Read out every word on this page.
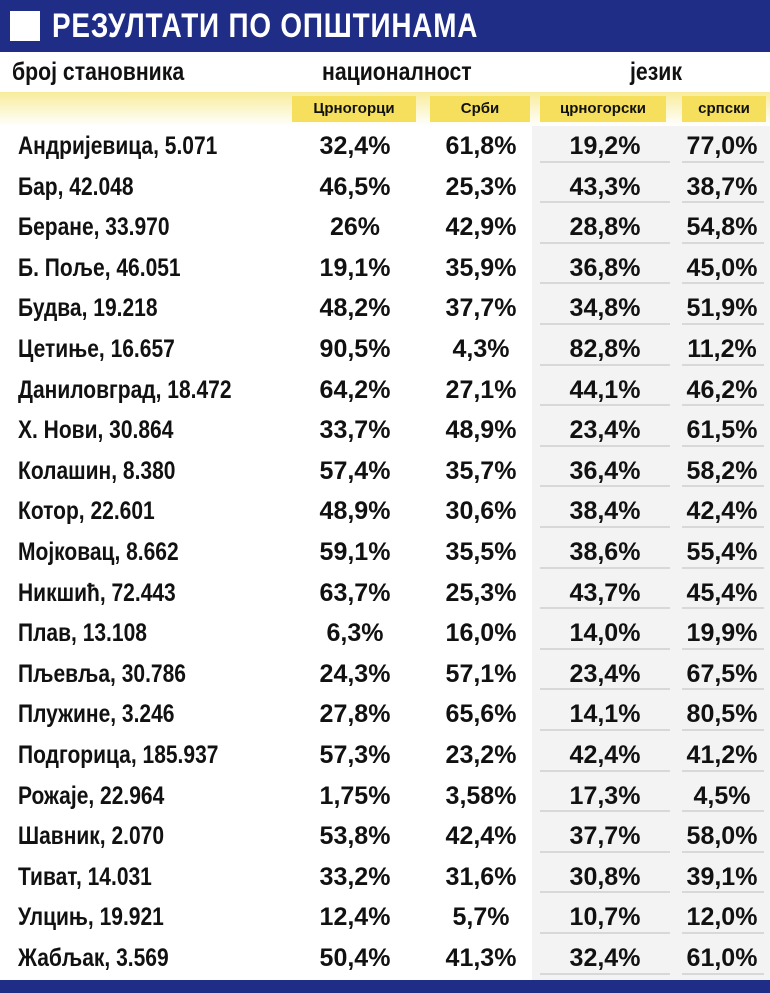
РЕЗУЛТАТИ ПО ОПШТИНАМА
број становника	националност	језик
Црногорци	Срби	црногорски	српски
Андријевица, 5.071	32,4%	61,8%	19,2%	77,0%
Бар, 42.048	46,5%	25,3%	43,3%	38,7%
Беране, 33.970	26%	42,9%	28,8%	54,8%
Б. Поље, 46.051	19,1%	35,9%	36,8%	45,0%
Будва, 19.218	48,2%	37,7%	34,8%	51,9%
Цетиње, 16.657	90,5%	4,3%	82,8%	11,2%
Даниловград, 18.472	64,2%	27,1%	44,1%	46,2%
Х. Нови, 30.864	33,7%	48,9%	23,4%	61,5%
Колашин, 8.380	57,4%	35,7%	36,4%	58,2%
Котор, 22.601	48,9%	30,6%	38,4%	42,4%
Мојковац, 8.662	59,1%	35,5%	38,6%	55,4%
Никшић, 72.443	63,7%	25,3%	43,7%	45,4%
Плав, 13.108	6,3%	16,0%	14,0%	19,9%
Пљевља, 30.786	24,3%	57,1%	23,4%	67,5%
Плужине, 3.246	27,8%	65,6%	14,1%	80,5%
Подгорица, 185.937	57,3%	23,2%	42,4%	41,2%
Рожаје, 22.964	1,75%	3,58%	17,3%	4,5%
Шавник, 2.070	53,8%	42,4%	37,7%	58,0%
Тиват, 14.031	33,2%	31,6%	30,8%	39,1%
Улцињ, 19.921	12,4%	5,7%	10,7%	12,0%
Жабљак, 3.569	50,4%	41,3%	32,4%	61,0%
